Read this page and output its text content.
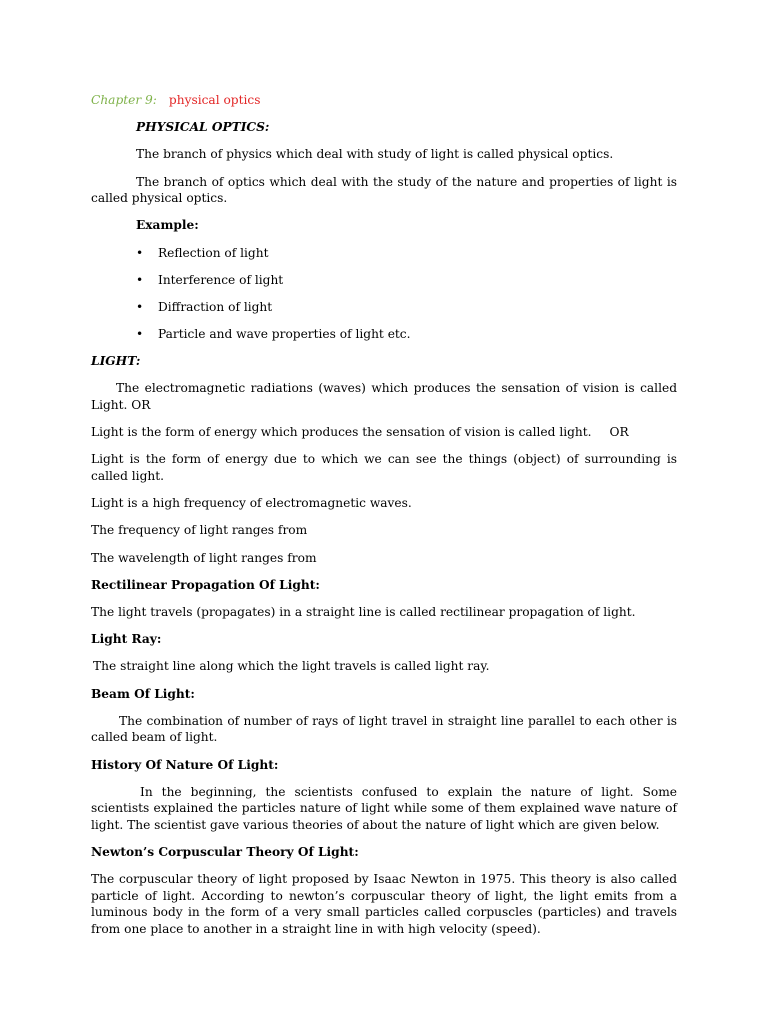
Chapter 9: physical optics

PHYSICAL OPTICS:

The branch of physics which deal with study of light is called physical optics.

The branch of optics which deal with the study of the nature and properties of light is called physical optics.

Example:

• Reflection of light
• Interference of light
• Diffraction of light
• Particle and wave properties of light etc.

LIGHT:

The electromagnetic radiations (waves) which produces the sensation of vision is called Light. OR

Light is the form of energy which produces the sensation of vision is called light. OR

Light is the form of energy due to which we can see the things (object) of surrounding is called light.

Light is a high frequency of electromagnetic waves.

The frequency of light ranges from

The wavelength of light ranges from

Rectilinear Propagation Of Light:

The light travels (propagates) in a straight line is called rectilinear propagation of light.

Light Ray:

The straight line along which the light travels is called light ray.

Beam Of Light:

The combination of number of rays of light travel in straight line parallel to each other is called beam of light.

History Of Nature Of Light:

In the beginning, the scientists confused to explain the nature of light. Some scientists explained the particles nature of light while some of them explained wave nature of light. The scientist gave various theories of about the nature of light which are given below.

Newton’s Corpuscular Theory Of Light:

The corpuscular theory of light proposed by Isaac Newton in 1975. This theory is also called particle of light. According to newton’s corpuscular theory of light, the light emits from a luminous body in the form of a very small particles called corpuscles (particles) and travels from one place to another in a straight line in with high velocity (speed).
